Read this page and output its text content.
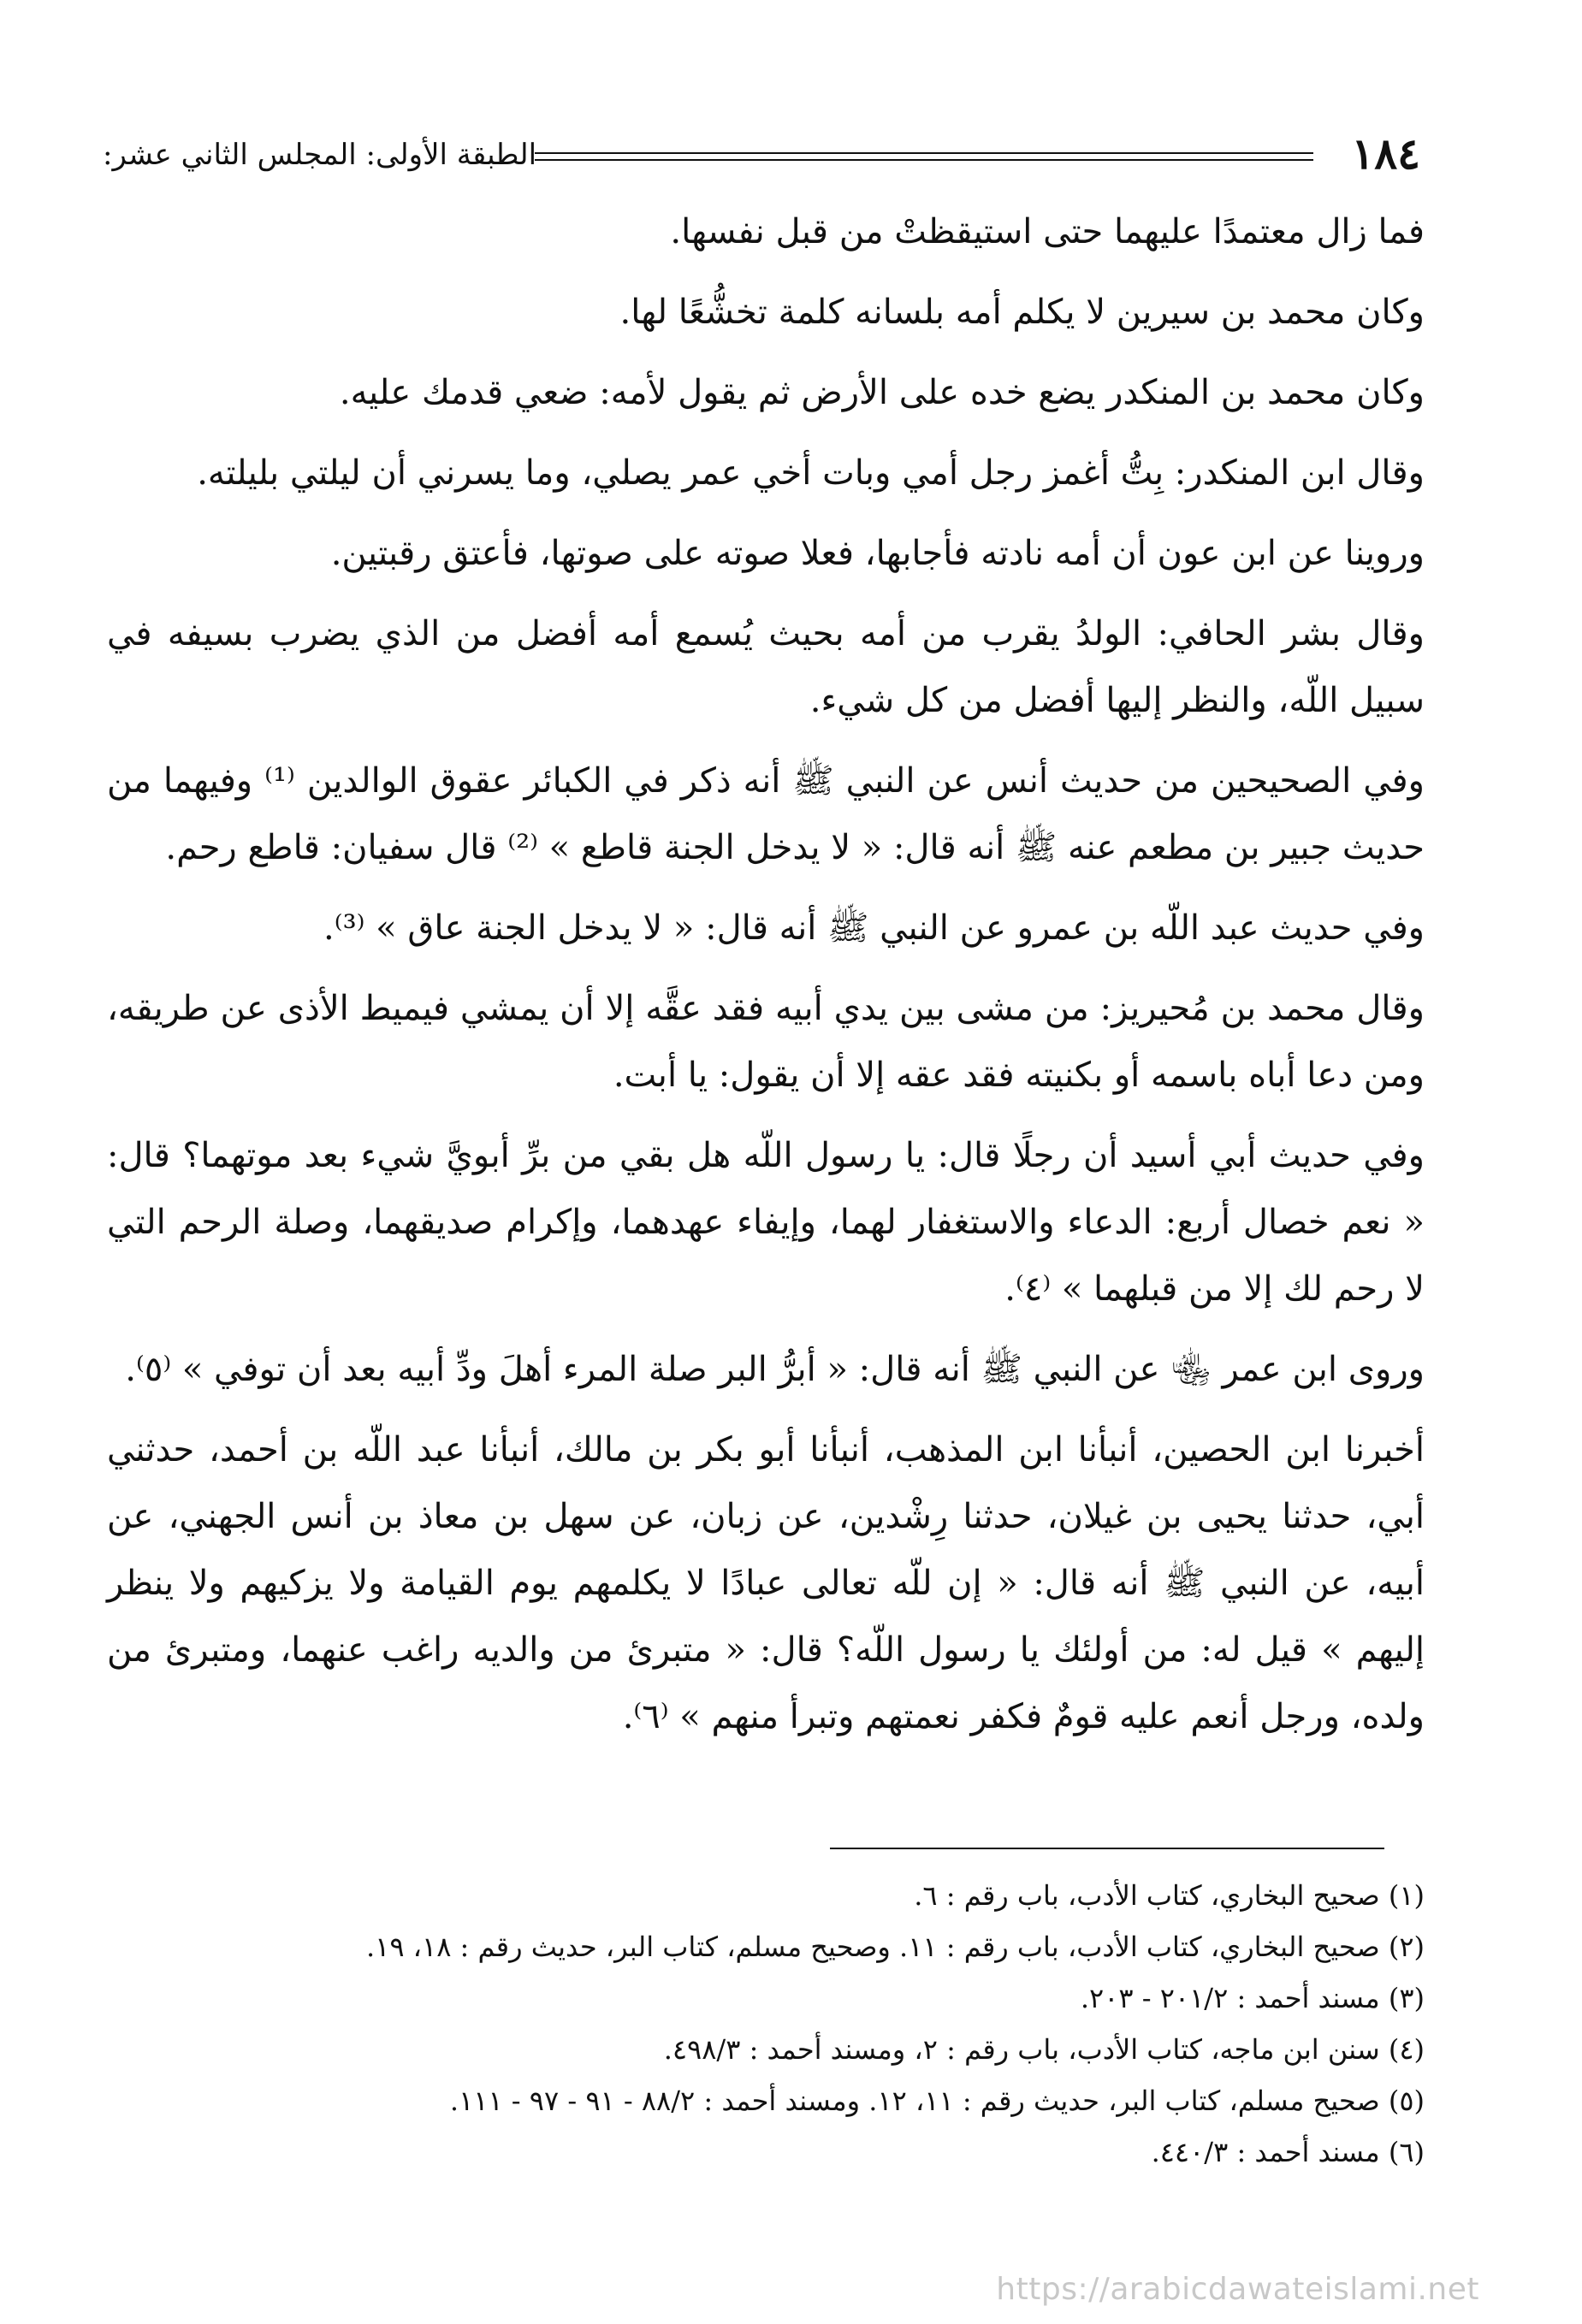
الطبقة الأولى: المجلس الثاني عشر:	١٨٤

فما زال معتمدًا عليهما حتى استيقظتْ من قبل نفسها.

وكان محمد بن سيرين لا يكلم أمه بلسانه كلمة تخشُّعًا لها.

وكان محمد بن المنكدر يضع خده على الأرض ثم يقول لأمه: ضعي قدمك عليه.

وقال ابن المنكدر: بِتُّ أغمز رجل أمي وبات أخي عمر يصلي، وما يسرني أن ليلتي بليلته.

وروينا عن ابن عون أن أمه نادته فأجابها، فعلا صوته على صوتها، فأعتق رقبتين.

وقال بشر الحافي: الولدُ يقرب من أمه بحيث يُسمع أمه أفضل من الذي يضرب بسيفه في سبيل اللّه، والنظر إليها أفضل من كل شيء.

وفي الصحيحين من حديث أنس عن النبي ﷺ أنه ذكر في الكبائر عقوق الوالدين ⁽¹⁾ وفيهما من حديث جبير بن مطعم عنه ﷺ أنه قال: « لا يدخل الجنة قاطع » ⁽²⁾ قال سفيان: قاطع رحم.

وفي حديث عبد اللّه بن عمرو عن النبي ﷺ أنه قال: « لا يدخل الجنة عاق » ⁽³⁾.

وقال محمد بن مُحيريز: من مشى بين يدي أبيه فقد عقَّه إلا أن يمشي فيميط الأذى عن طريقه، ومن دعا أباه باسمه أو بكنيته فقد عقه إلا أن يقول: يا أبت.

وفي حديث أبي أسيد أن رجلًا قال: يا رسول اللّه هل بقي من برِّ أبويَّ شيء بعد موتهما؟ قال: « نعم خصال أربع: الدعاء والاستغفار لهما، وإيفاء عهدهما، وإكرام صديقهما، وصلة الرحم التي لا رحم لك إلا من قبلهما » ⁽٤⁾.

وروى ابن عمر ﵄ عن النبي ﷺ أنه قال: « أبرُّ البر صلة المرء أهلَ ودِّ أبيه بعد أن توفي » ⁽٥⁾.

أخبرنا ابن الحصين، أنبأنا ابن المذهب، أنبأنا أبو بكر بن مالك، أنبأنا عبد اللّه بن أحمد، حدثني أبي، حدثنا يحيى بن غيلان، حدثنا رِشْدين، عن زبان، عن سهل بن معاذ بن أنس الجهني، عن أبيه، عن النبي ﷺ أنه قال: « إن للّه تعالى عبادًا لا يكلمهم يوم القيامة ولا يزكيهم ولا ينظر إليهم » قيل له: من أولئك يا رسول اللّه؟ قال: « متبرئ من والديه راغب عنهما، ومتبرئ من ولده، ورجل أنعم عليه قومٌ فكفر نعمتهم وتبرأ منهم » ⁽٦⁾.

(١) صحيح البخاري، كتاب الأدب، باب رقم : ٦.

(٢) صحيح البخاري، كتاب الأدب، باب رقم : ١١. وصحيح مسلم، كتاب البر، حديث رقم : ١٨، ١٩.

(٣) مسند أحمد : ٢٠١/٢ - ٢٠٣.

(٤) سنن ابن ماجه، كتاب الأدب، باب رقم : ٢، ومسند أحمد : ٤٩٨/٣.

(٥) صحيح مسلم، كتاب البر، حديث رقم : ١١، ١٢. ومسند أحمد : ٨٨/٢ - ٩١ - ٩٧ - ١١١.

(٦) مسند أحمد : ٤٤٠/٣.

https://arabicdawateislami.net
